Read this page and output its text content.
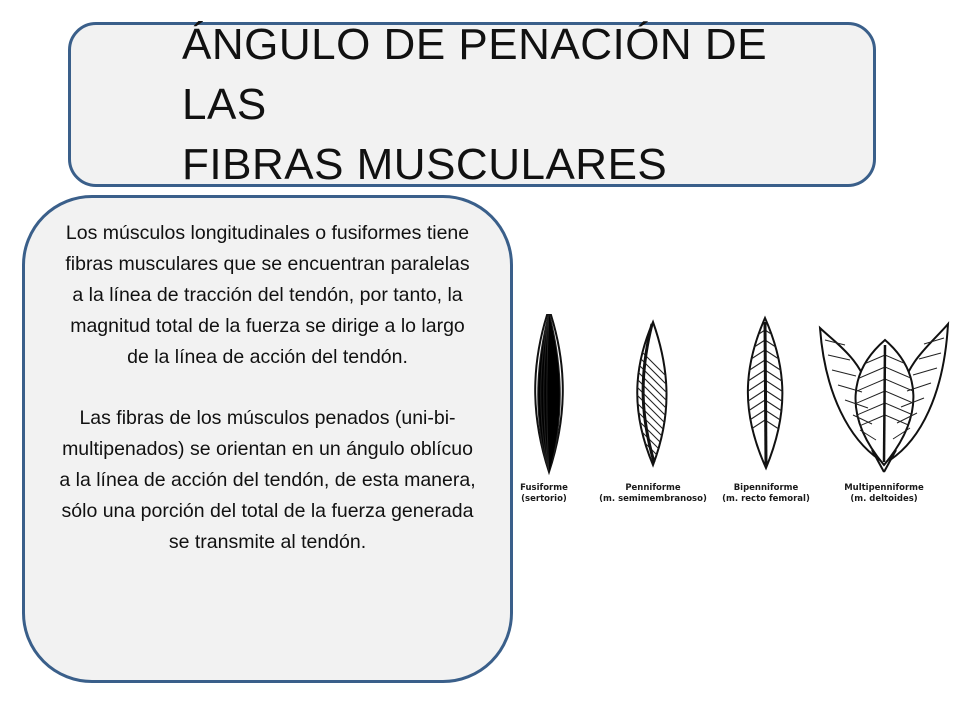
ÁNGULO DE PENACIÓN DE LAS
FIBRAS MUSCULARES

Los músculos longitudinales o fusiformes tiene fibras musculares que se encuentran paralelas a la línea de tracción del tendón, por tanto, la magnitud total de la fuerza se dirige a lo largo de la línea de acción del tendón.

Las fibras de los músculos penados (uni-bi-multipenados) se orientan en un ángulo oblícuo a la línea de acción del tendón, de esta manera, sólo una porción del total de la fuerza generada se transmite al tendón.

Fusiforme
(sertorio)
Penniforme
(m. semimembranoso)
Bipenniforme
(m. recto femoral)
Multipenniforme
(m. deltoides)
